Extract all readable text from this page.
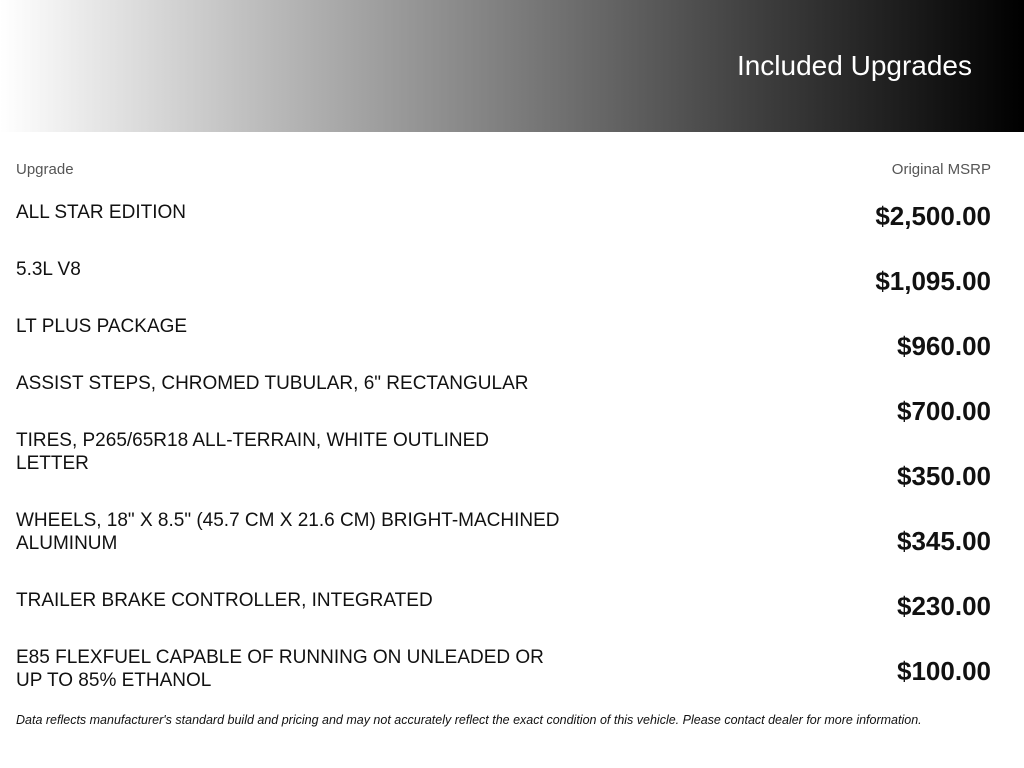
Included Upgrades
Upgrade	Original MSRP
ALL STAR EDITION
5.3L V8
LT PLUS PACKAGE
ASSIST STEPS, CHROMED TUBULAR, 6" RECTANGULAR
TIRES, P265/65R18 ALL-TERRAIN, WHITE OUTLINED LETTER
WHEELS, 18" X 8.5" (45.7 CM X 21.6 CM) BRIGHT-MACHINED ALUMINUM
TRAILER BRAKE CONTROLLER, INTEGRATED
E85 FLEXFUEL CAPABLE OF RUNNING ON UNLEADED OR UP TO 85% ETHANOL
$2,500.00
$1,095.00
$960.00
$700.00
$350.00
$345.00
$230.00
$100.00
Data reflects manufacturer's standard build and pricing and may not accurately reflect the exact condition of this vehicle. Please contact dealer for more information.
